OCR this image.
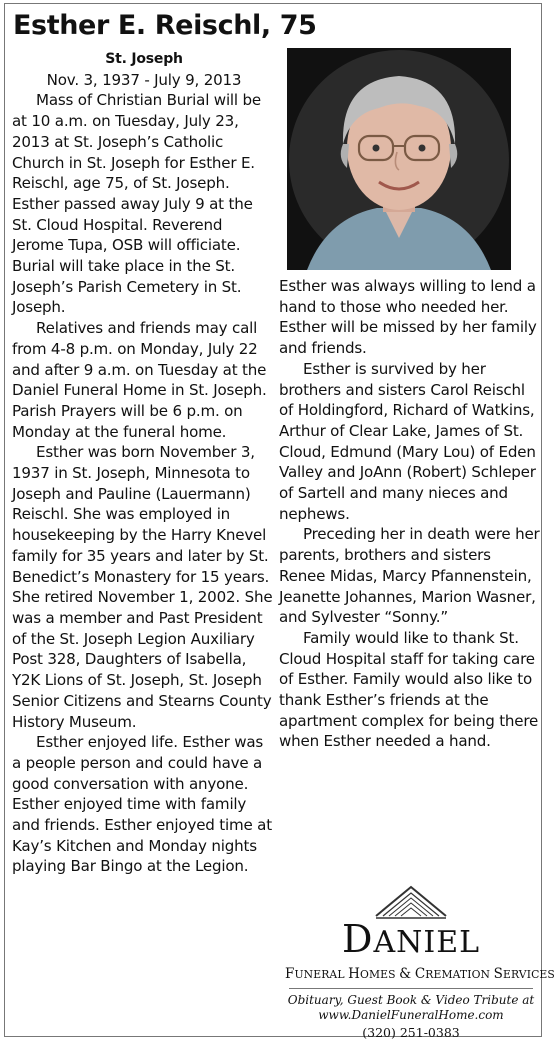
Esther E. Reischl, 75
St. Joseph
Nov. 3, 1937 - July 9, 2013

Mass of Christian Burial will be at 10 a.m. on Tuesday, July 23, 2013 at St. Joseph’s Catholic Church in St. Joseph for Esther E. Reischl, age 75, of St. Joseph. Esther passed away July 9 at the St. Cloud Hospital. Reverend Jerome Tupa, OSB will officiate. Burial will take place in the St. Joseph’s Parish Cemetery in St. Joseph.

Relatives and friends may call from 4-8 p.m. on Monday, July 22 and after 9 a.m. on Tuesday at the Daniel Funeral Home in St. Joseph. Parish Prayers will be 6 p.m. on Monday at the funeral home.

Esther was born November 3, 1937 in St. Joseph, Minnesota to Joseph and Pauline (Lauermann) Reischl. She was employed in housekeeping by the Harry Knevel family for 35 years and later by St. Benedict’s Monastery for 15 years. She retired November 1, 2002. She was a member and Past President of the St. Joseph Legion Auxiliary Post 328, Daughters of Isabella, Y2K Lions of St. Joseph, St. Joseph Senior Citizens and Stearns County History Museum.

Esther enjoyed life. Esther was a people person and could have a good conversation with anyone. Esther enjoyed time with family and friends. Esther enjoyed time at Kay’s Kitchen and Monday nights playing Bar Bingo at the Legion.

Esther was always willing to lend a hand to those who needed her. Esther will be missed by her family and friends.

Esther is survived by her brothers and sisters Carol Reischl of Holdingford, Richard of Watkins, Arthur of Clear Lake, James of St. Cloud, Edmund (Mary Lou) of Eden Valley and JoAnn (Robert) Schleper of Sartell and many nieces and nephews.

Preceding her in death were her parents, brothers and sisters Renee Midas, Marcy Pfannenstein, Jeanette Johannes, Marion Wasner, and Sylvester “Sonny.”

Family would like to thank St. Cloud Hospital staff for taking care of Esther. Family would also like to thank Esther’s friends at the apartment complex for being there when Esther needed a hand.

DANIEL
FUNERAL HOMES & CREMATION SERVICES
Obituary, Guest Book & Video Tribute at
www.DanielFuneralHome.com
(320) 251-0383
